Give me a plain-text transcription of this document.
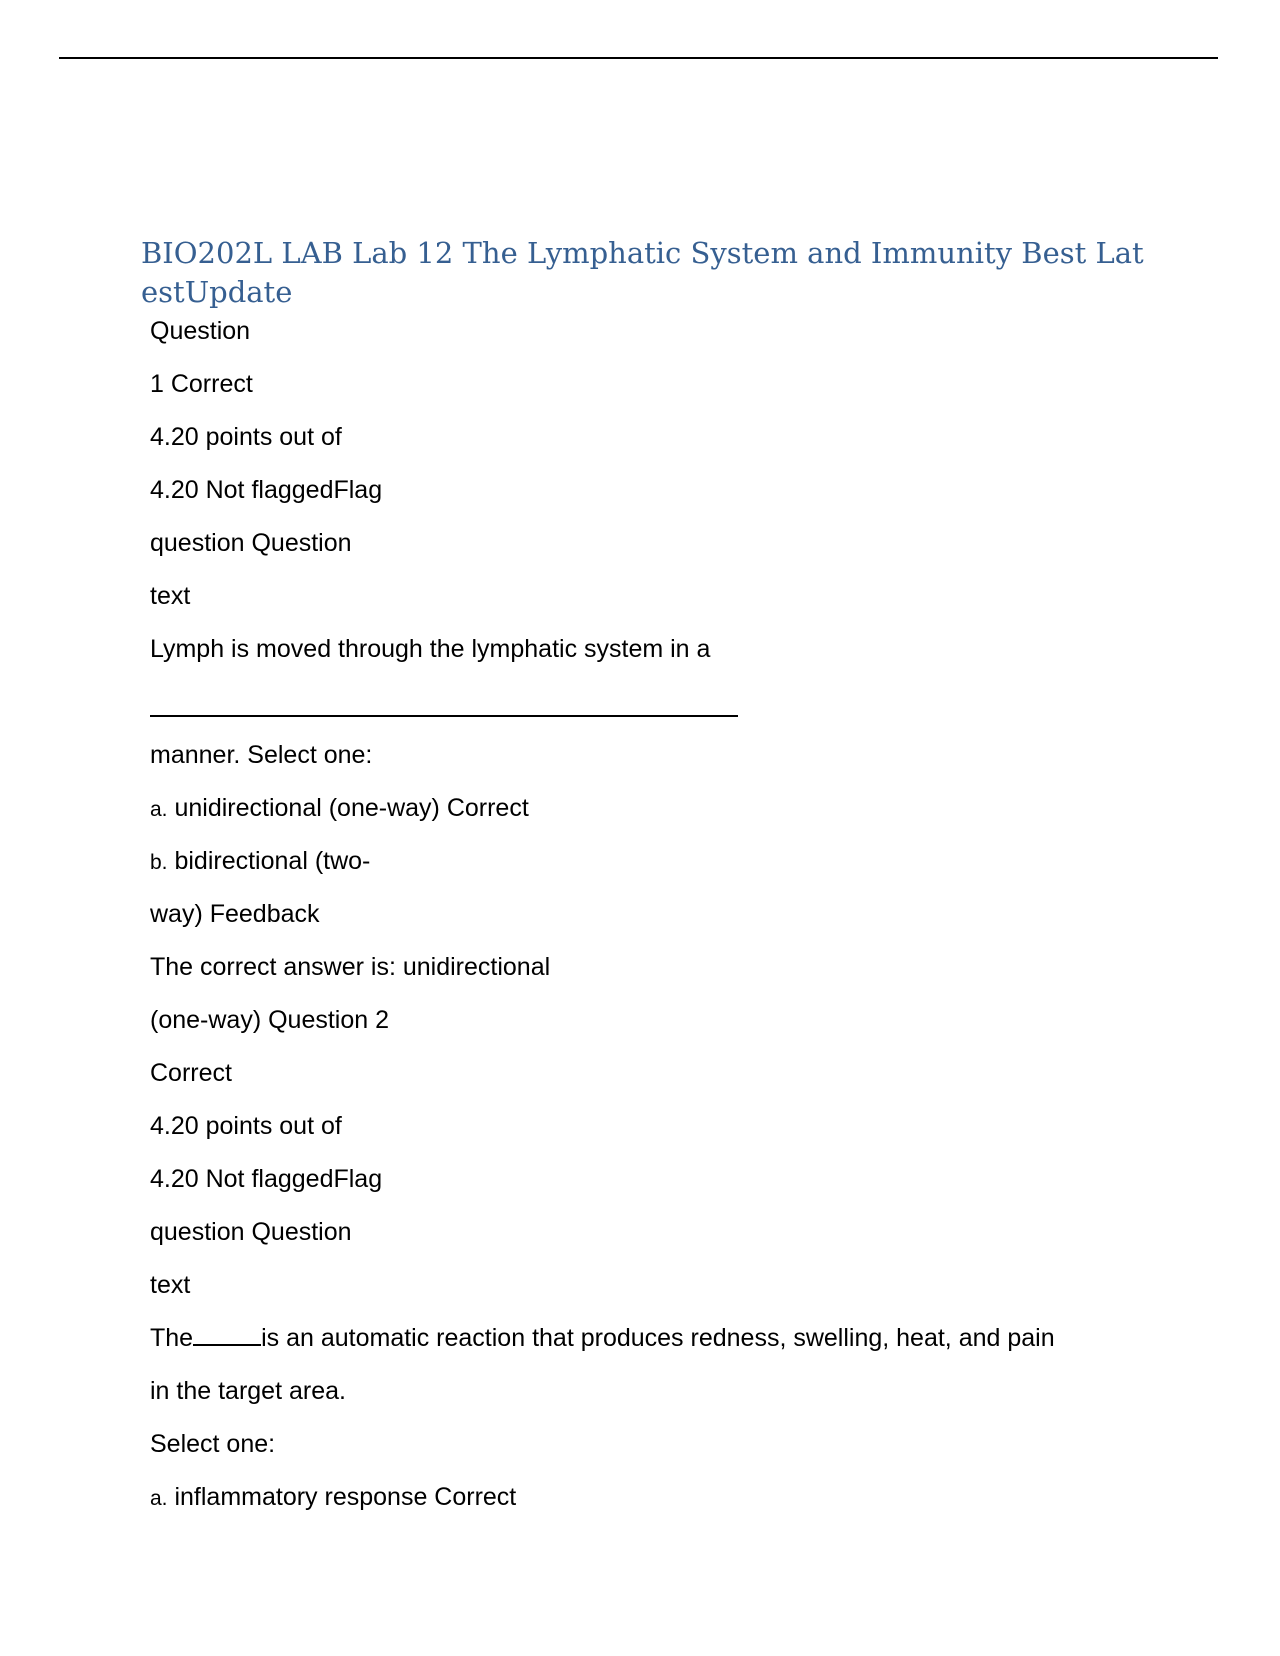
BIO202L LAB Lab 12 The Lymphatic System and Immunity Best LatestUpdate

Question

1 Correct

4.20 points out of

4.20 Not flaggedFlag

question Question

text

Lymph is moved through the lymphatic system in a

manner. Select one:

a. unidirectional (one-way) Correct

b. bidirectional (two-

way) Feedback

The correct answer is: unidirectional

(one-way) Question 2

Correct

4.20 points out of

4.20 Not flaggedFlag

question Question

text

The	is an automatic reaction that produces redness, swelling, heat, and pain

in the target area.

Select one:

a. inflammatory response Correct
